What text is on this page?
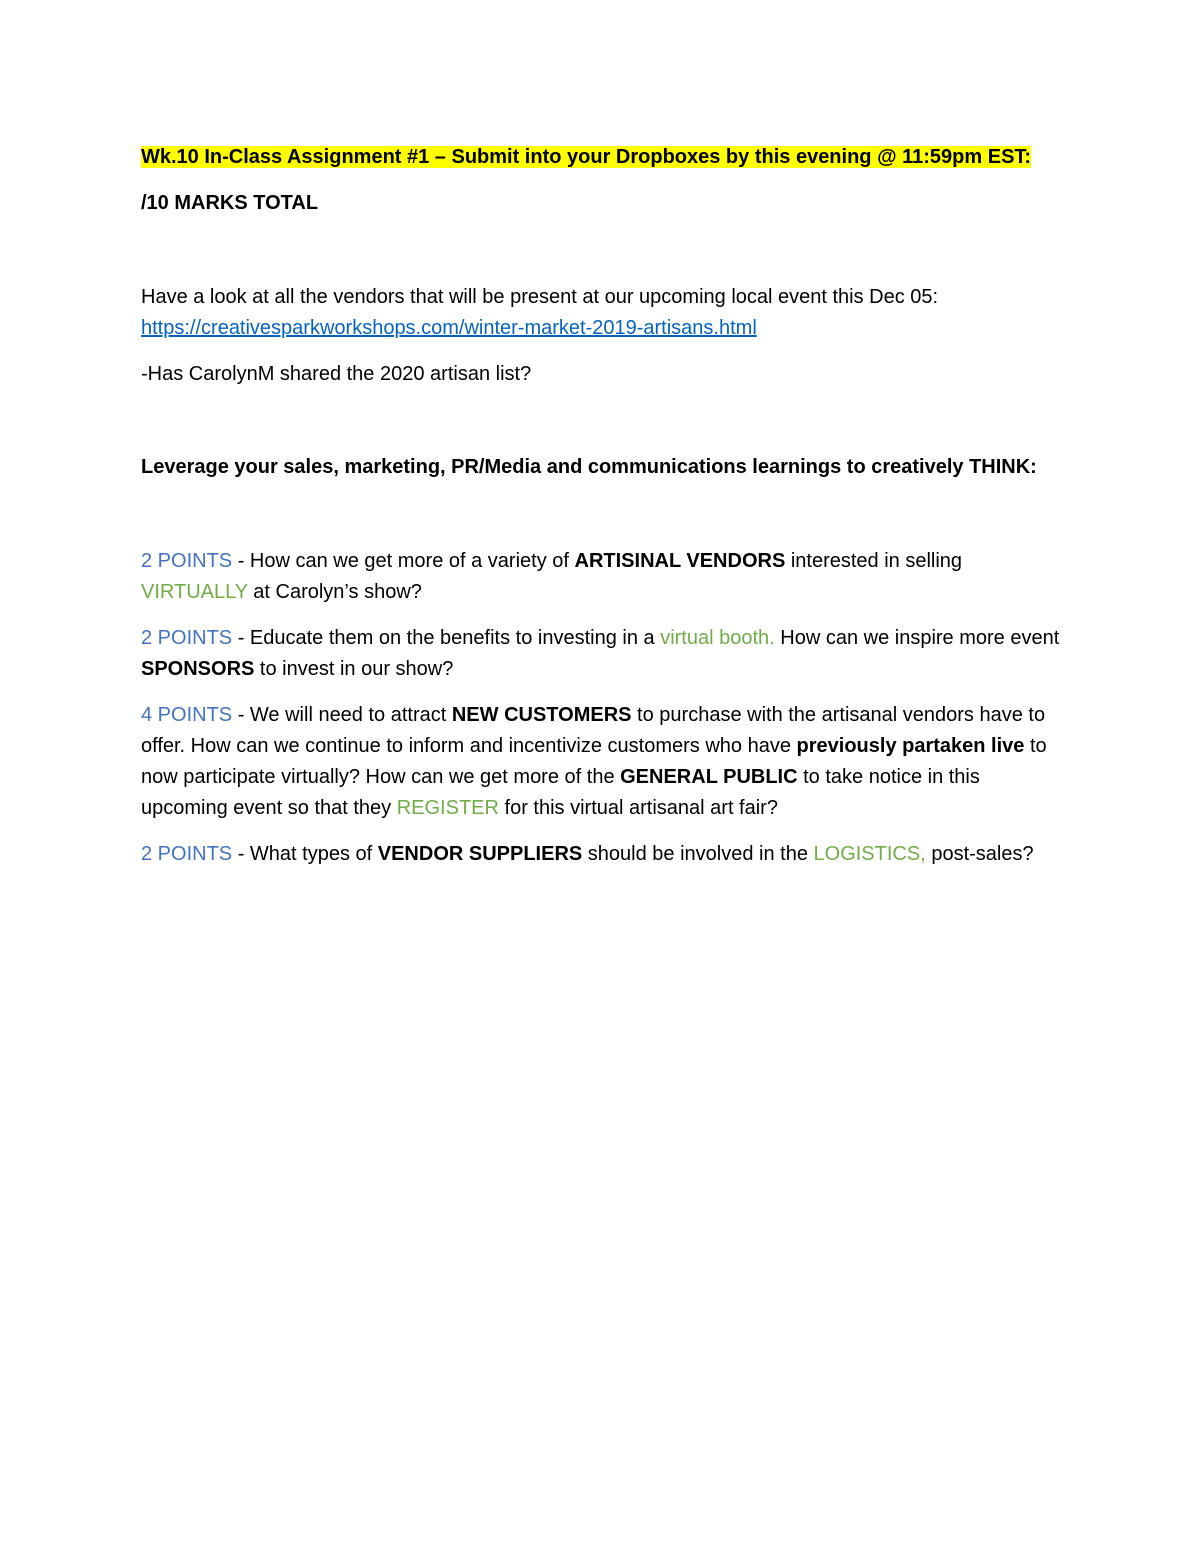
Wk.10 In-Class Assignment #1 – Submit into your Dropboxes by this evening @ 11:59pm EST:

/10 MARKS TOTAL

Have a look at all the vendors that will be present at our upcoming local event this Dec 05:
https://creativesparkworkshops.com/winter-market-2019-artisans.html

-Has CarolynM shared the 2020 artisan list?

Leverage your sales, marketing, PR/Media and communications learnings to creatively THINK:

2 POINTS - How can we get more of a variety of ARTISINAL VENDORS interested in selling VIRTUALLY at Carolyn’s show?

2 POINTS - Educate them on the benefits to investing in a virtual booth. How can we inspire more event SPONSORS to invest in our show?

4 POINTS - We will need to attract NEW CUSTOMERS to purchase with the artisanal vendors have to offer. How can we continue to inform and incentivize customers who have previously partaken live to now participate virtually? How can we get more of the GENERAL PUBLIC to take notice in this upcoming event so that they REGISTER for this virtual artisanal art fair?

2 POINTS - What types of VENDOR SUPPLIERS should be involved in the LOGISTICS, post-sales?
